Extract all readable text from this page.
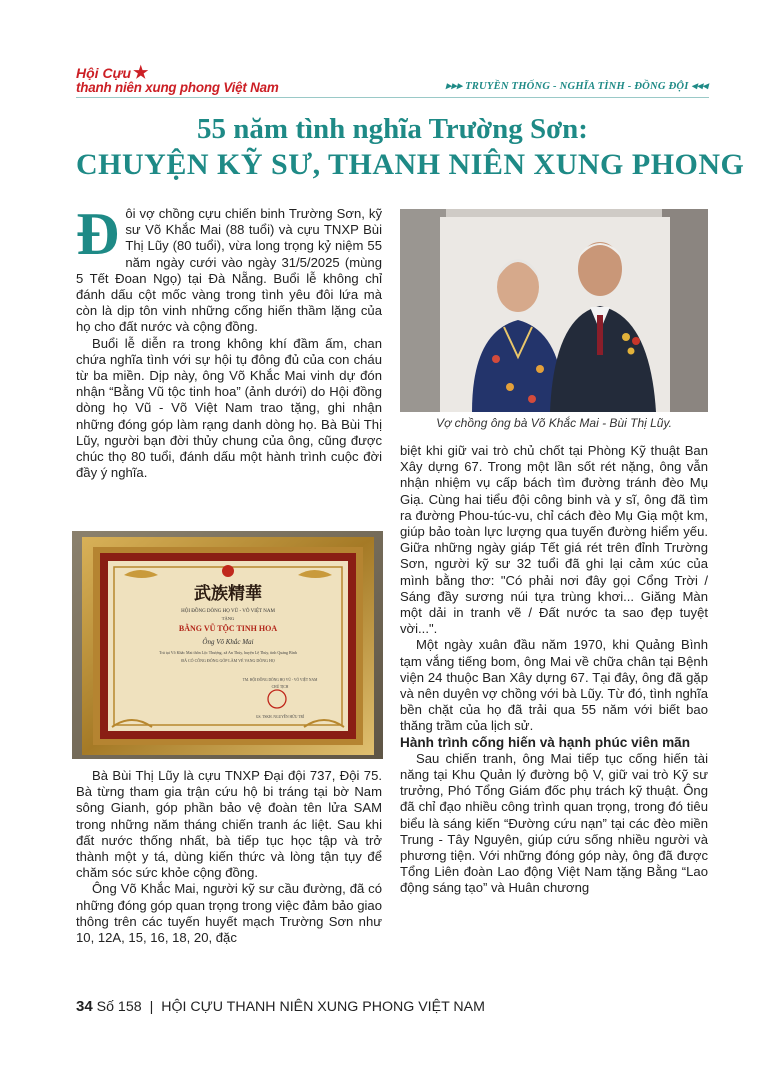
Hội Cựu ★
thanh niên xung phong Việt Nam	▸▸▸ TRUYỀN THỐNG - NGHĨA TÌNH - ĐỒNG ĐỘI ◂◂◂
55 năm tình nghĩa Trường Sơn:
CHUYỆN KỸ SƯ, THANH NIÊN XUNG PHONG

Đôi vợ chồng cựu chiến binh Trường Sơn, kỹ sư Võ Khắc Mai (88 tuổi) và cựu TNXP Bùi Thị Lũy (80 tuổi), vừa long trọng kỷ niệm 55 năm ngày cưới vào ngày 31/5/2025 (mùng 5 Tết Đoan Ngọ) tại Đà Nẵng. Buổi lễ không chỉ đánh dấu cột mốc vàng trong tình yêu đôi lứa mà còn là dịp tôn vinh những cống hiến thầm lặng của họ cho đất nước và cộng đồng.

Buổi lễ diễn ra trong không khí đầm ấm, chan chứa nghĩa tình với sự hội tụ đông đủ của con cháu từ ba miền. Dịp này, ông Võ Khắc Mai vinh dự đón nhận “Bằng Vũ tộc tinh hoa” (ảnh dưới) do Hội đồng dòng họ Vũ - Võ Việt Nam trao tặng, ghi nhận những đóng góp làm rạng danh dòng họ. Bà Bùi Thị Lũy, người bạn đời thủy chung của ông, cũng được chúc thọ 80 tuổi, đánh dấu một hành trình cuộc đời đầy ý nghĩa.

武族精華
HỘI ĐỒNG DÒNG HỌ VŨ - VÕ VIỆT NAM
TẶNG
BẰNG VŨ TỘC TINH HOA
Ông Võ Khắc Mai
Trú tại Võ Khắc Mai thôn Lộc Thượng, xã An Thủy, huyện Lệ Thủy, tỉnh Quảng Bình
ĐÃ CÓ CÔNG ĐÓNG GÓP LÀM VẺ VANG DÒNG HỌ
TM. HỘI ĐỒNG DÒNG HỌ VŨ - VÕ VIỆT NAM
CHỦ TỊCH
GS. TSKH. NGUYỄN HỮU TRÌ

Bà Bùi Thị Lũy là cựu TNXP Đại đội 737, Đội 75. Bà từng tham gia trận cứu hộ bi tráng tại bờ Nam sông Gianh, góp phần bảo vệ đoàn tên lửa SAM trong những năm tháng chiến tranh ác liệt. Sau khi đất nước thống nhất, bà tiếp tục học tập và trở thành một y tá, dùng kiến thức và lòng tận tụy để chăm sóc sức khỏe cộng đồng.

Ông Võ Khắc Mai, người kỹ sư cầu đường, đã có những đóng góp quan trọng trong việc đảm bảo giao thông trên các tuyến huyết mạch Trường Sơn như 10, 12A, 15, 16, 18, 20, đặc

Vợ chồng ông bà Võ Khắc Mai - Bùi Thị Lũy.

biệt khi giữ vai trò chủ chốt tại Phòng Kỹ thuật Ban Xây dựng 67. Trong một lần sốt rét nặng, ông vẫn nhận nhiệm vụ cấp bách tìm đường tránh đèo Mụ Giạ. Cùng hai tiểu đội công binh và y sĩ, ông đã tìm ra đường Phou-túc-vu, chỉ cách đèo Mụ Giạ một km, giúp bảo toàn lực lượng qua tuyến đường hiểm yếu. Giữa những ngày giáp Tết giá rét trên đỉnh Trường Sơn, người kỹ sư 32 tuổi đã ghi lại cảm xúc của mình bằng thơ: "Có phải nơi đây gọi Cổng Trời / Sáng đầy sương núi tựa trùng khơi... Giăng Màn một dải in tranh vẽ / Đất nước ta sao đẹp tuyệt vời...".

Một ngày xuân đầu năm 1970, khi Quảng Bình tạm vắng tiếng bom, ông Mai về chữa chân tại Bệnh viện 24 thuộc Ban Xây dựng 67. Tại đây, ông đã gặp và nên duyên vợ chồng với bà Lũy. Từ đó, tình nghĩa bền chặt của họ đã trải qua 55 năm với biết bao thăng trầm của lịch sử.

Hành trình cống hiến và hạnh phúc viên mãn

Sau chiến tranh, ông Mai tiếp tục cống hiến tài năng tại Khu Quản lý đường bộ V, giữ vai trò Kỹ sư trưởng, Phó Tổng Giám đốc phụ trách kỹ thuật. Ông đã chỉ đạo nhiều công trình quan trọng, trong đó tiêu biểu là sáng kiến “Đường cứu nạn” tại các đèo miền Trung - Tây Nguyên, giúp cứu sống nhiều người và phương tiện. Với những đóng góp này, ông đã được Tổng Liên đoàn Lao động Việt Nam tặng Bằng “Lao động sáng tạo” và Huân chương

34 Số 158 | HỘI CỰU THANH NIÊN XUNG PHONG VIỆT NAM
